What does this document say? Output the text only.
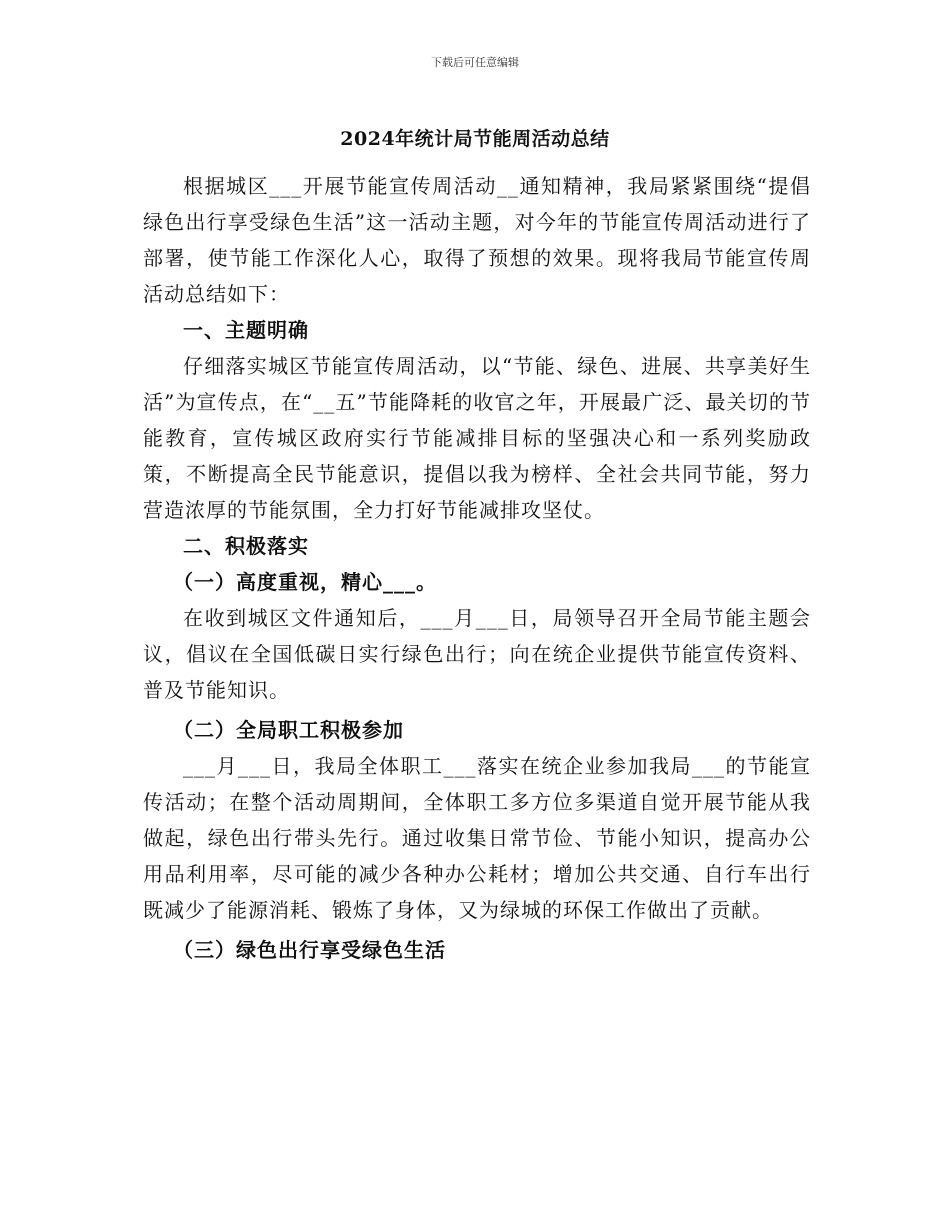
下载后可任意编辑
2024年统计局节能周活动总结

根据城区___开展节能宣传周活动__通知精神，我局紧紧围绕“提倡绿色出行享受绿色生活”这一活动主题，对今年的节能宣传周活动进行了部署，使节能工作深化人心，取得了预想的效果。现将我局节能宣传周活动总结如下：

一、主题明确

仔细落实城区节能宣传周活动，以“节能、绿色、进展、共享美好生活”为宣传点，在“__五”节能降耗的收官之年，开展最广泛、最关切的节能教育，宣传城区政府实行节能减排目标的坚强决心和一系列奖励政策，不断提高全民节能意识，提倡以我为榜样、全社会共同节能，努力营造浓厚的节能氛围，全力打好节能减排攻坚仗。

二、积极落实

（一）高度重视，精心___。

在收到城区文件通知后，___月___日，局领导召开全局节能主题会议，倡议在全国低碳日实行绿色出行；向在统企业提供节能宣传资料、普及节能知识。

（二）全局职工积极参加

___月___日，我局全体职工___落实在统企业参加我局___的节能宣传活动；在整个活动周期间，全体职工多方位多渠道自觉开展节能从我做起，绿色出行带头先行。通过收集日常节俭、节能小知识，提高办公用品利用率，尽可能的减少各种办公耗材；增加公共交通、自行车出行既减少了能源消耗、锻炼了身体，又为绿城的环保工作做出了贡献。

（三）绿色出行享受绿色生活
